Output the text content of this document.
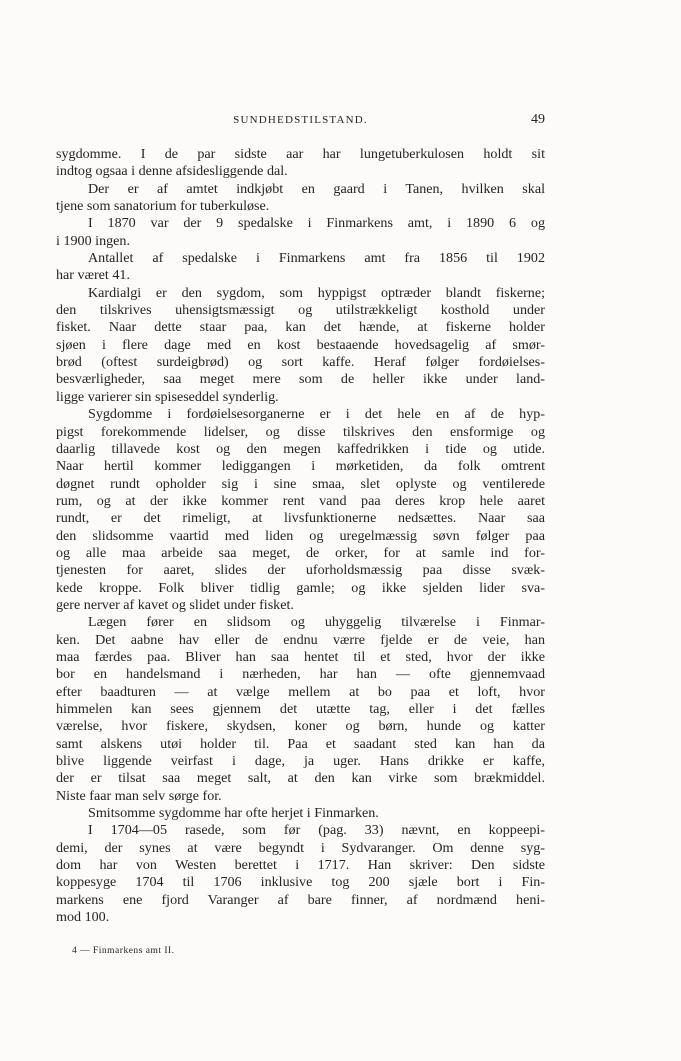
SUNDHEDSTILSTAND.	49
sygdomme. I de par sidste aar har lungetuberkulosen holdt sit
indtog ogsaa i denne afsidesliggende dal.
Der er af amtet indkjøbt en gaard i Tanen, hvilken skal
tjene som sanatorium for tuberkuløse.
I 1870 var der 9 spedalske i Finmarkens amt, i 1890 6 og
i 1900 ingen.
Antallet af spedalske i Finmarkens amt fra 1856 til 1902
har været 41.
Kardialgi er den sygdom, som hyppigst optræder blandt fiskerne;
den tilskrives uhensigtsmæssigt og utilstrækkeligt kosthold under
fisket. Naar dette staar paa, kan det hænde, at fiskerne holder
sjøen i flere dage med en kost bestaaende hovedsagelig af smør-
brød (oftest surdeigbrød) og sort kaffe. Heraf følger fordøielses-
besværligheder, saa meget mere som de heller ikke under land-
ligge varierer sin spiseseddel synderlig.
Sygdomme i fordøielsesorganerne er i det hele en af de hyp-
pigst forekommende lidelser, og disse tilskrives den ensformige og
daarlig tillavede kost og den megen kaffedrikken i tide og utide.
Naar hertil kommer lediggangen i mørketiden, da folk omtrent
døgnet rundt opholder sig i sine smaa, slet oplyste og ventilerede
rum, og at der ikke kommer rent vand paa deres krop hele aaret
rundt, er det rimeligt, at livsfunktionerne nedsættes. Naar saa
den slidsomme vaartid med liden og uregelmæssig søvn følger paa
og alle maa arbeide saa meget, de orker, for at samle ind for-
tjenesten for aaret, slides der uforholdsmæssig paa disse svæk-
kede kroppe. Folk bliver tidlig gamle; og ikke sjelden lider sva-
gere nerver af kavet og slidet under fisket.
Lægen fører en slidsom og uhyggelig tilværelse i Finmar-
ken. Det aabne hav eller de endnu værre fjelde er de veie, han
maa færdes paa. Bliver han saa hentet til et sted, hvor der ikke
bor en handelsmand i nærheden, har han — ofte gjennemvaad
efter baadturen — at vælge mellem at bo paa et loft, hvor
himmelen kan sees gjennem det utætte tag, eller i det fælles
værelse, hvor fiskere, skydsen, koner og børn, hunde og katter
samt alskens utøi holder til. Paa et saadant sted kan han da
blive liggende veirfast i dage, ja uger. Hans drikke er kaffe,
der er tilsat saa meget salt, at den kan virke som brækmiddel.
Niste faar man selv sørge for.
Smitsomme sygdomme har ofte herjet i Finmarken.
I 1704—05 rasede, som før (pag. 33) nævnt, en koppeepi-
demi, der synes at være begyndt i Sydvaranger. Om denne syg-
dom har von Westen berettet i 1717. Han skriver: Den sidste
koppesyge 1704 til 1706 inklusive tog 200 sjæle bort i Fin-
markens ene fjord Varanger af bare finner, af nordmænd heni-
mod 100.
4 — Finmarkens amt II.
